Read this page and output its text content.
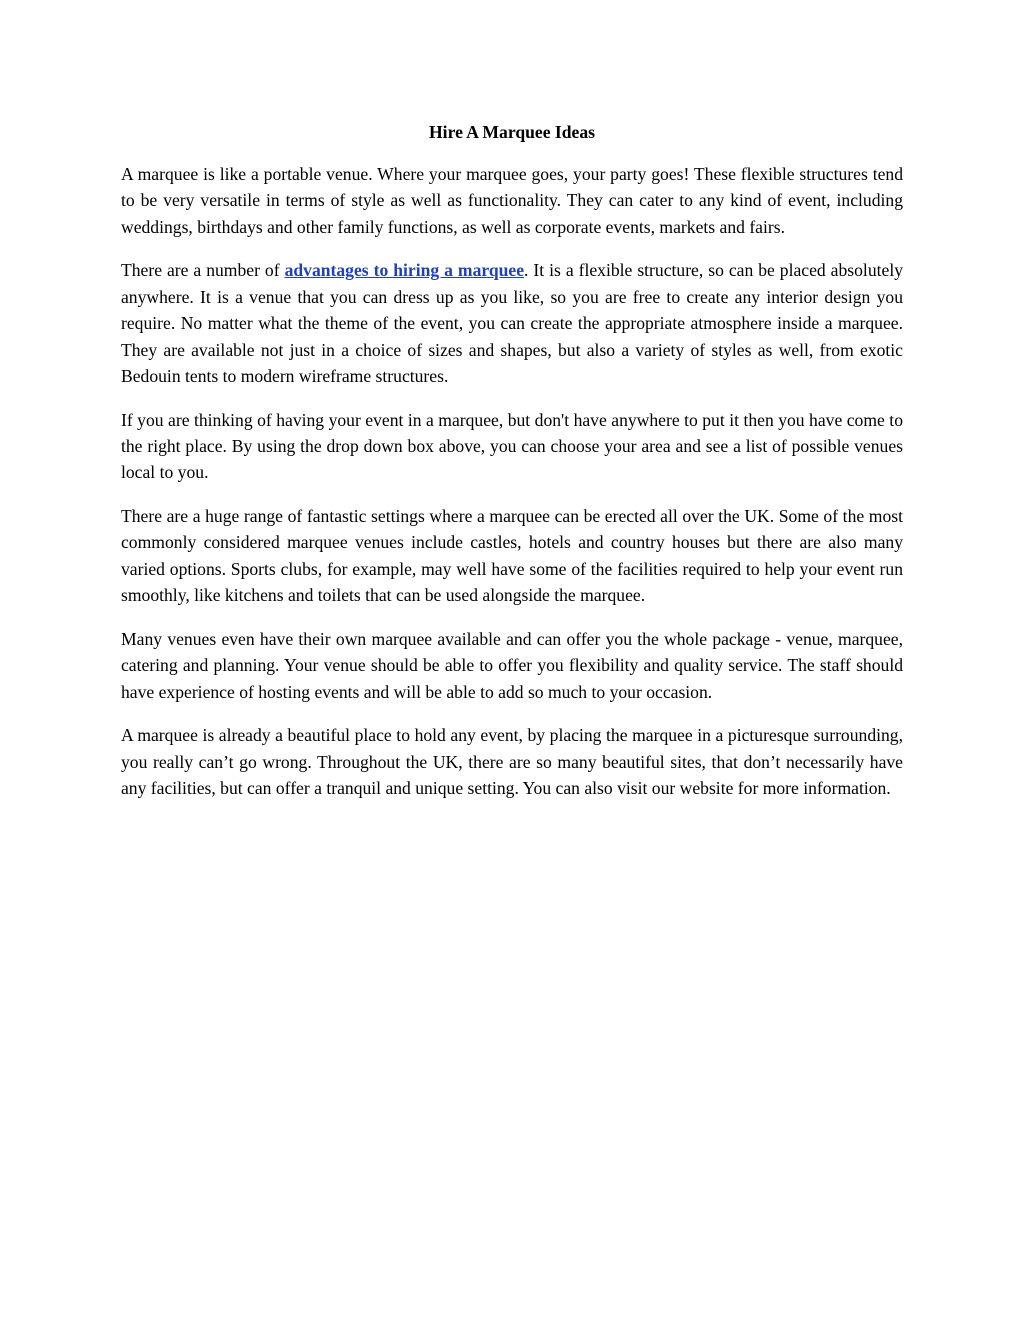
Hire A Marquee Ideas

A marquee is like a portable venue. Where your marquee goes, your party goes! These flexible structures tend to be very versatile in terms of style as well as functionality. They can cater to any kind of event, including weddings, birthdays and other family functions, as well as corporate events, markets and fairs.

There are a number of advantages to hiring a marquee. It is a flexible structure, so can be placed absolutely anywhere. It is a venue that you can dress up as you like, so you are free to create any interior design you require. No matter what the theme of the event, you can create the appropriate atmosphere inside a marquee. They are available not just in a choice of sizes and shapes, but also a variety of styles as well, from exotic Bedouin tents to modern wireframe structures.

If you are thinking of having your event in a marquee, but don't have anywhere to put it then you have come to the right place. By using the drop down box above, you can choose your area and see a list of possible venues local to you.

There are a huge range of fantastic settings where a marquee can be erected all over the UK. Some of the most commonly considered marquee venues include castles, hotels and country houses but there are also many varied options. Sports clubs, for example, may well have some of the facilities required to help your event run smoothly, like kitchens and toilets that can be used alongside the marquee.

Many venues even have their own marquee available and can offer you the whole package - venue, marquee, catering and planning. Your venue should be able to offer you flexibility and quality service. The staff should have experience of hosting events and will be able to add so much to your occasion.

A marquee is already a beautiful place to hold any event, by placing the marquee in a picturesque surrounding, you really can’t go wrong. Throughout the UK, there are so many beautiful sites, that don’t necessarily have any facilities, but can offer a tranquil and unique setting. You can also visit our website for more information.
